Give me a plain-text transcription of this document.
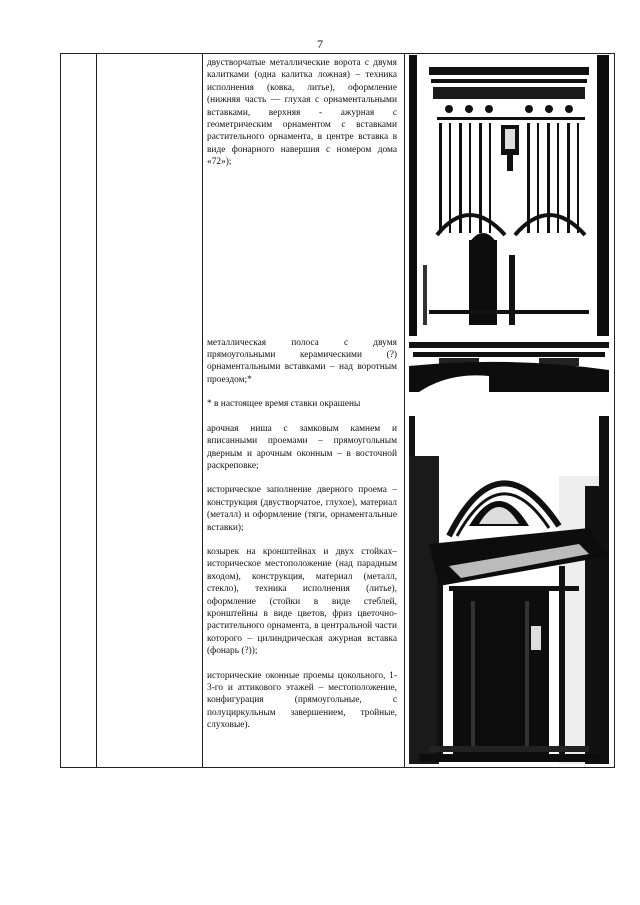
7

двустворчатые металлические ворота с двумя калитками (одна калитка ложная) – техника исполнения (ковка, литье), оформление (нижняя часть — глухая с орнаментальными вставками, верхняя - ажурная с геометрическим орнаментом с вставками растительного орнамента, в центре вставка в виде фонарного навершия с номером дома «72»);

металлическая полоса с двумя прямоугольными керамическими (?) орнаментальными вставками – над воротным проездом;*

* в настоящее время ставки окрашены

арочная ниша с замковым камнем и вписанными проемами – прямоугольным дверным и арочным оконным – в восточной раскреповке;

историческое заполнение дверного проема – конструкция (двустворчатое, глухое), материал (металл) и оформление (тяги, орнаментальные вставки);

козырек на кронштейнах и двух стойках– историческое местоположение (над парадным входом), конструкция, материал (металл, стекло), техника исполнения (литье), оформление (стойки в виде стеблей, кронштейны в виде цветов, фриз цветочно-растительного орнамента, в центральной части которого – цилиндрическая ажурная вставка (фонарь (?));

исторические оконные проемы цокольного, 1-3-го и аттикового этажей – местоположение, конфигурация (прямоугольные, с полуциркульным завершением, тройные, слуховые).
